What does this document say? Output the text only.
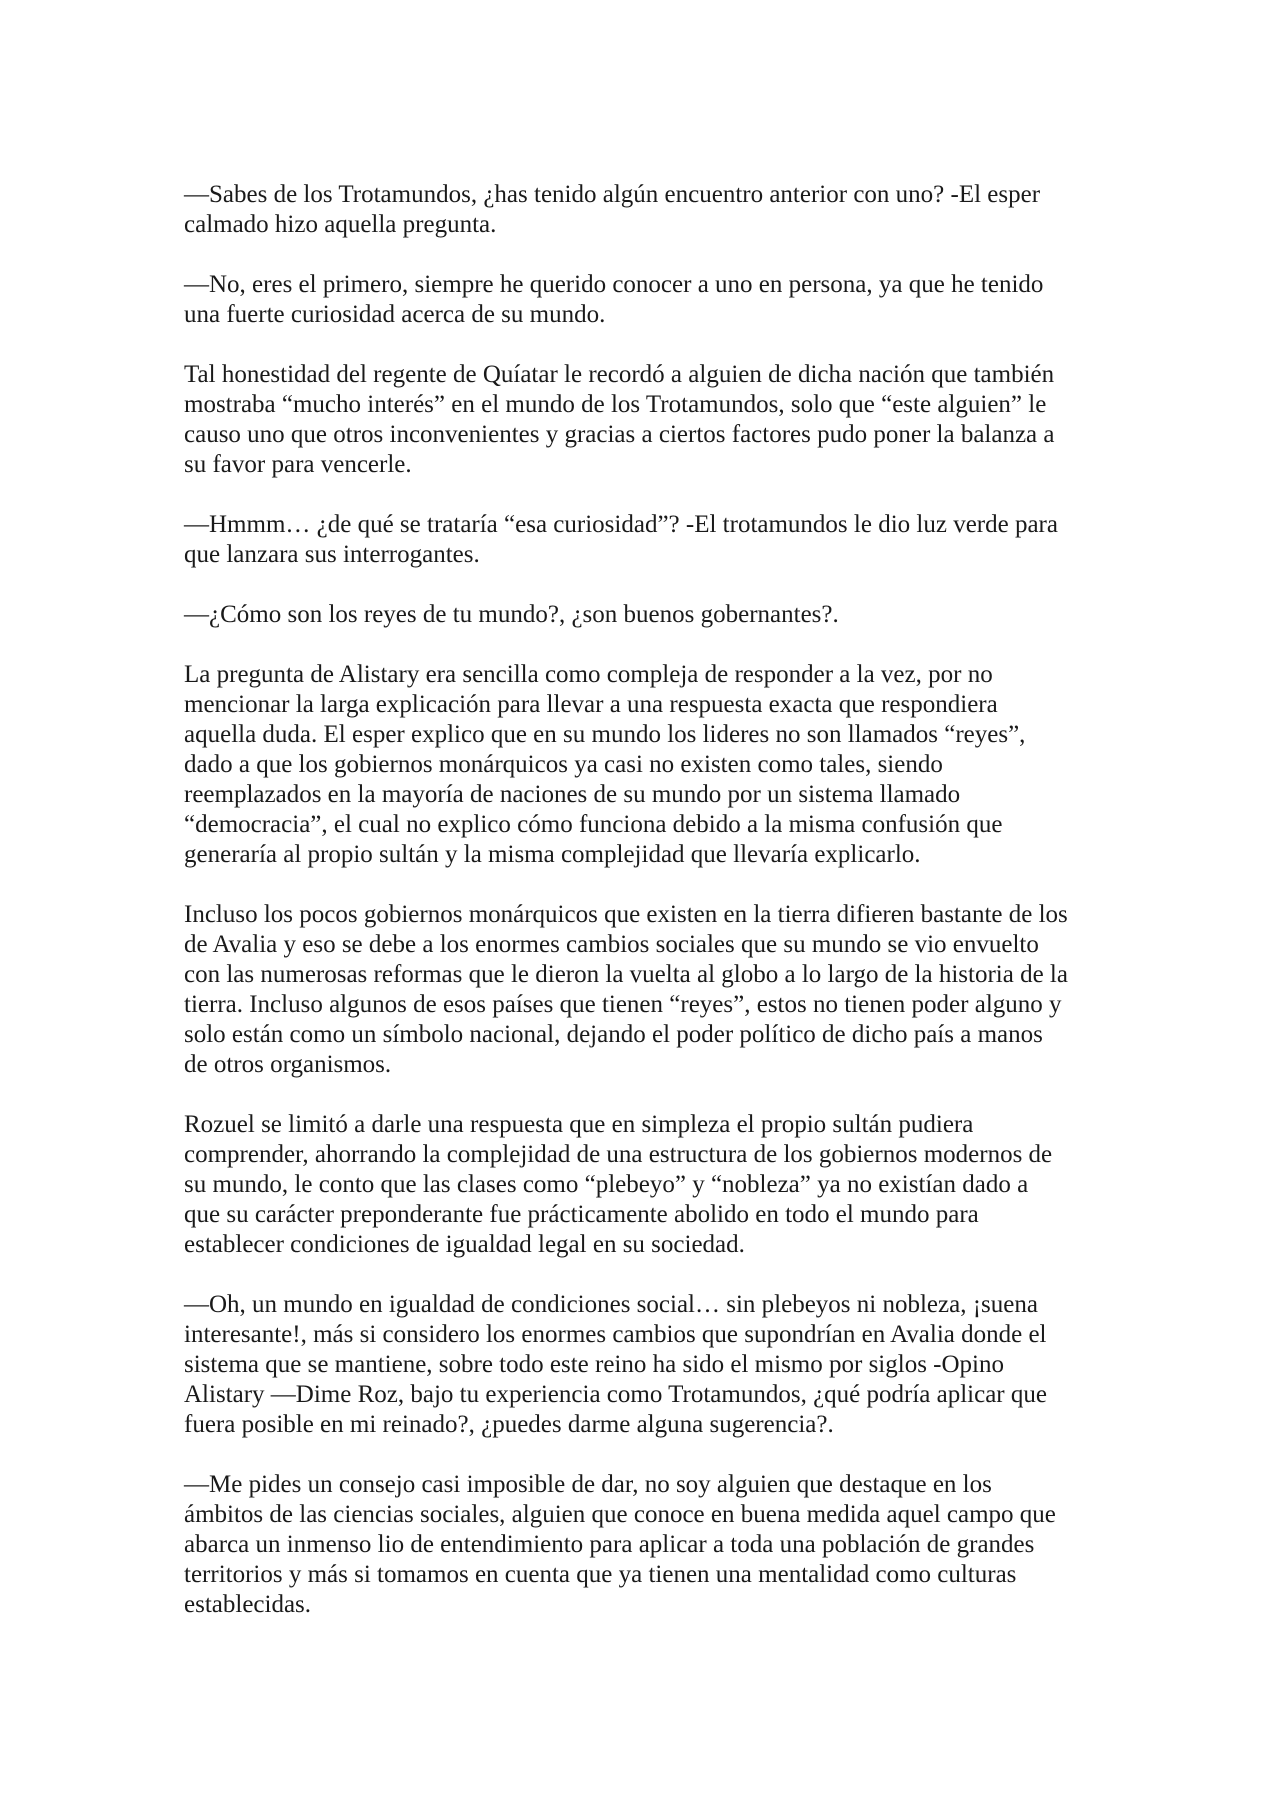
—Sabes de los Trotamundos, ¿has tenido algún encuentro anterior con uno? -El esper
calmado hizo aquella pregunta.

—No, eres el primero, siempre he querido conocer a uno en persona, ya que he tenido
una fuerte curiosidad acerca de su mundo.

Tal honestidad del regente de Quíatar le recordó a alguien de dicha nación que también
mostraba “mucho interés” en el mundo de los Trotamundos, solo que “este alguien” le
causo uno que otros inconvenientes y gracias a ciertos factores pudo poner la balanza a
su favor para vencerle.

—Hmmm… ¿de qué se trataría “esa curiosidad”? -El trotamundos le dio luz verde para
que lanzara sus interrogantes.

—¿Cómo son los reyes de tu mundo?, ¿son buenos gobernantes?.

La pregunta de Alistary era sencilla como compleja de responder a la vez, por no
mencionar la larga explicación para llevar a una respuesta exacta que respondiera
aquella duda. El esper explico que en su mundo los lideres no son llamados “reyes”,
dado a que los gobiernos monárquicos ya casi no existen como tales, siendo
reemplazados en la mayoría de naciones de su mundo por un sistema llamado
“democracia”, el cual no explico cómo funciona debido a la misma confusión que
generaría al propio sultán y la misma complejidad que llevaría explicarlo.

Incluso los pocos gobiernos monárquicos que existen en la tierra difieren bastante de los
de Avalia y eso se debe a los enormes cambios sociales que su mundo se vio envuelto
con las numerosas reformas que le dieron la vuelta al globo a lo largo de la historia de la
tierra. Incluso algunos de esos países que tienen “reyes”, estos no tienen poder alguno y
solo están como un símbolo nacional, dejando el poder político de dicho país a manos
de otros organismos.

Rozuel se limitó a darle una respuesta que en simpleza el propio sultán pudiera
comprender, ahorrando la complejidad de una estructura de los gobiernos modernos de
su mundo, le conto que las clases como “plebeyo” y “nobleza” ya no existían dado a
que su carácter preponderante fue prácticamente abolido en todo el mundo para
establecer condiciones de igualdad legal en su sociedad.

—Oh, un mundo en igualdad de condiciones social… sin plebeyos ni nobleza, ¡suena
interesante!, más si considero los enormes cambios que supondrían en Avalia donde el
sistema que se mantiene, sobre todo este reino ha sido el mismo por siglos -Opino
Alistary —Dime Roz, bajo tu experiencia como Trotamundos, ¿qué podría aplicar que
fuera posible en mi reinado?, ¿puedes darme alguna sugerencia?.

—Me pides un consejo casi imposible de dar, no soy alguien que destaque en los
ámbitos de las ciencias sociales, alguien que conoce en buena medida aquel campo que
abarca un inmenso lio de entendimiento para aplicar a toda una población de grandes
territorios y más si tomamos en cuenta que ya tienen una mentalidad como culturas
establecidas.
